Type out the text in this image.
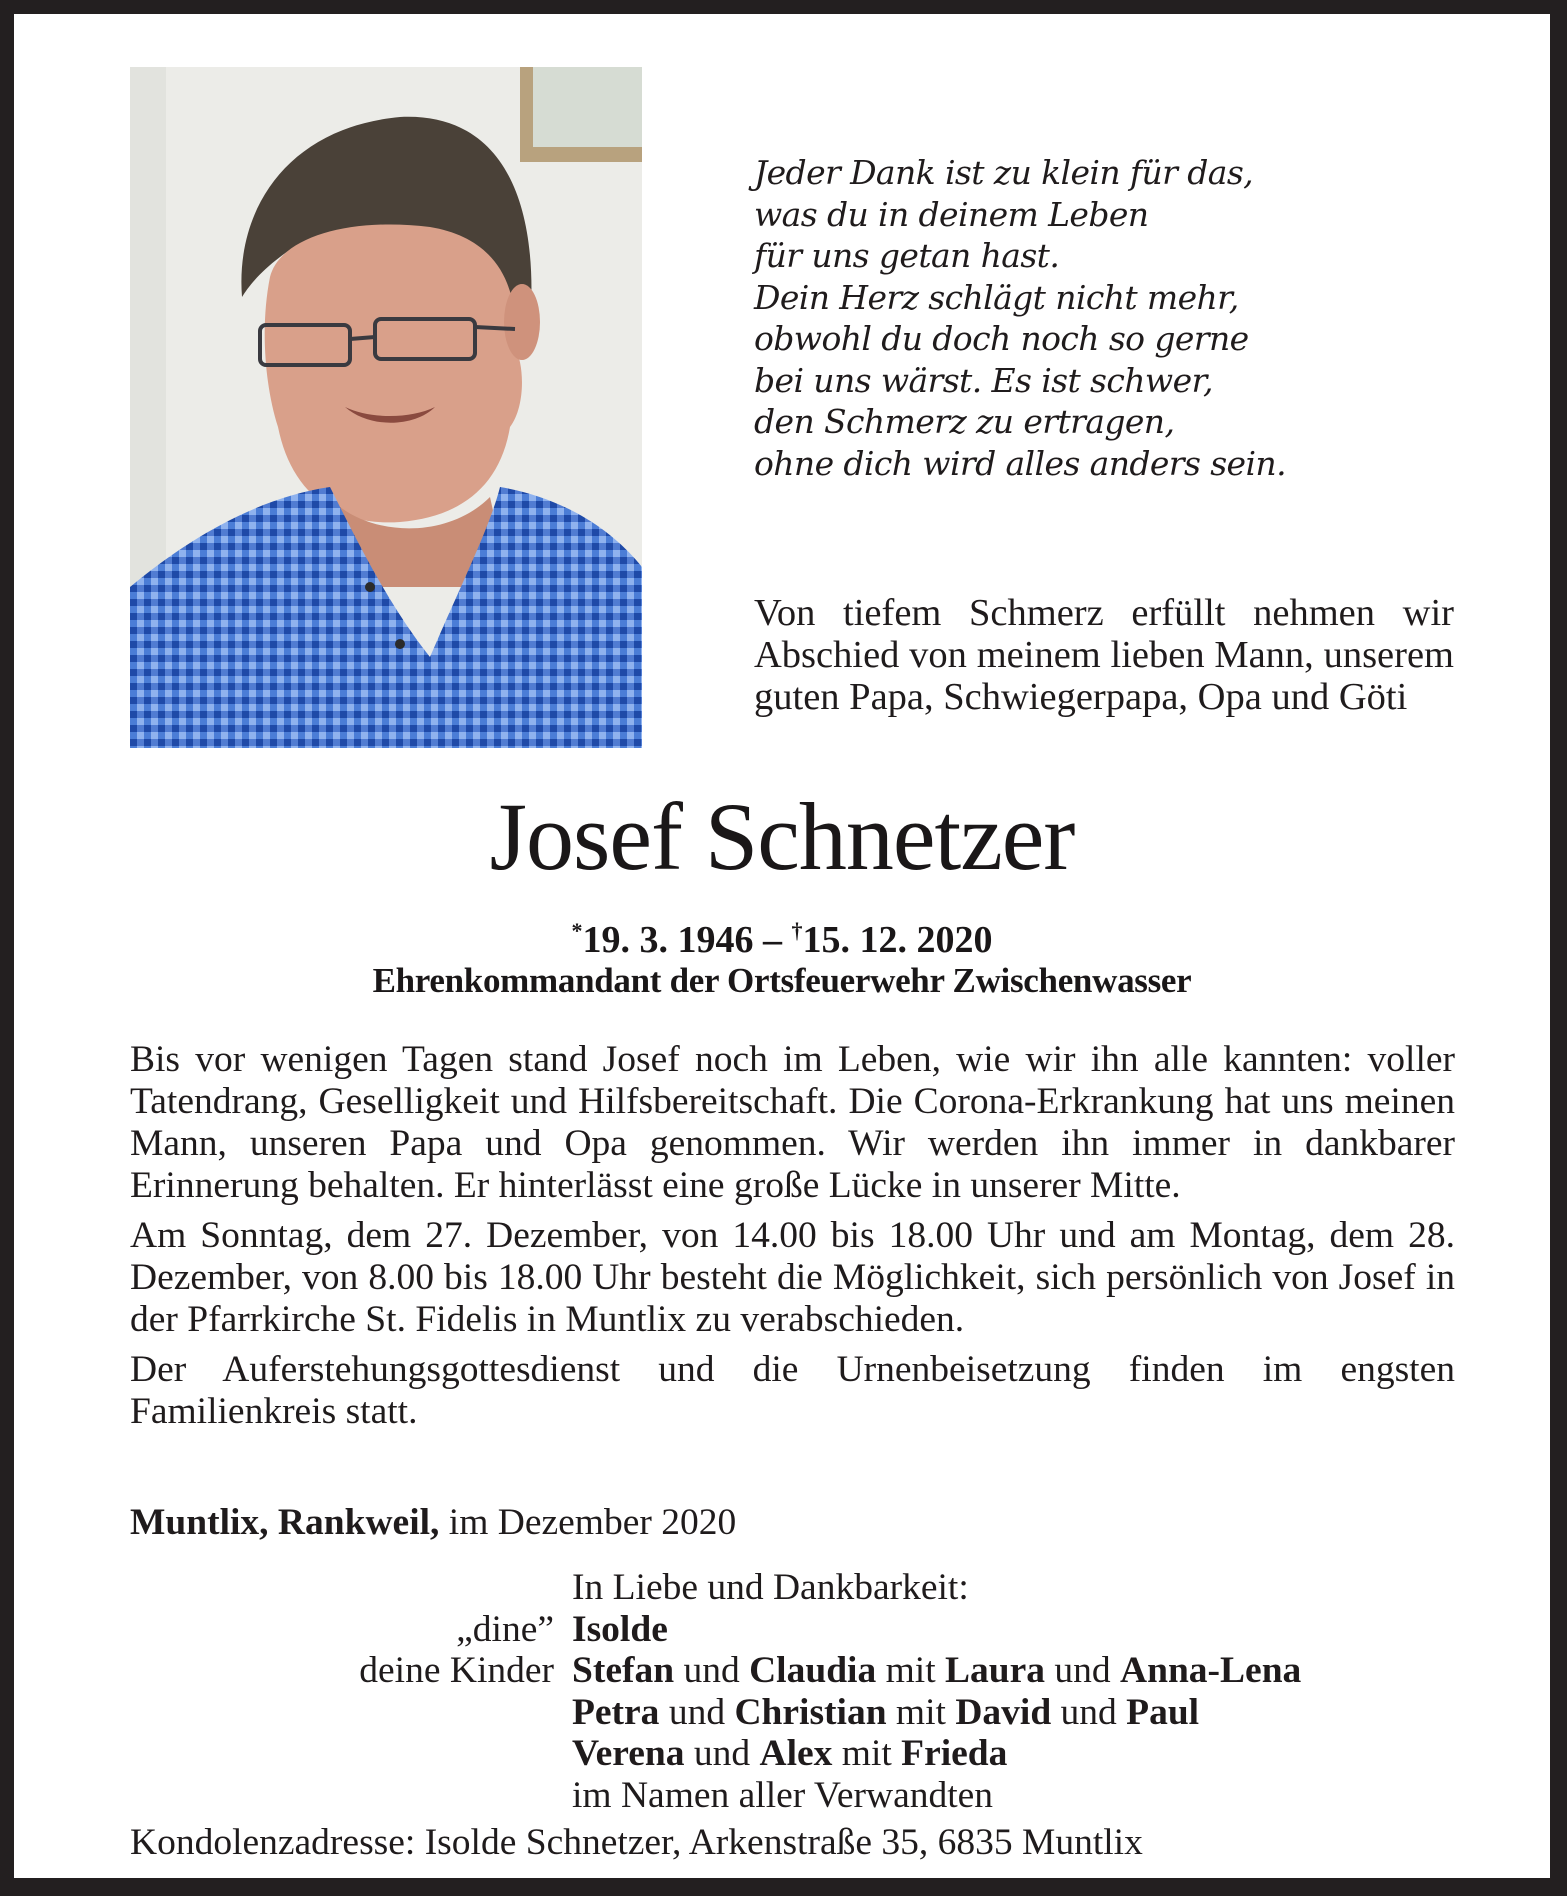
Jeder Dank ist zu klein für das,
was du in deinem Leben
für uns getan hast.
Dein Herz schlägt nicht mehr,
obwohl du doch noch so gerne
bei uns wärst. Es ist schwer,
den Schmerz zu ertragen,
ohne dich wird alles anders sein.
Von tiefem Schmerz erfüllt nehmen wir Abschied von meinem lieben Mann, unserem guten Papa, Schwiegerpapa, Opa und Göti
Josef Schnetzer
*19. 3. 1946 – †15. 12. 2020
Ehrenkommandant der Ortsfeuerwehr Zwischenwasser

Bis vor wenigen Tagen stand Josef noch im Leben, wie wir ihn alle kannten: voller Tatendrang, Geselligkeit und Hilfsbereitschaft. Die Corona-Erkrankung hat uns meinen Mann, unseren Papa und Opa genommen. Wir werden ihn immer in dankbarer Erinnerung behalten. Er hinterlässt eine große Lücke in unserer Mitte.

Am Sonntag, dem 27. Dezember, von 14.00 bis 18.00 Uhr und am Montag, dem 28. Dezember, von 8.00 bis 18.00 Uhr besteht die Möglichkeit, sich persönlich von Josef in der Pfarrkirche St. Fidelis in Muntlix zu verabschieden.

Der Auferstehungsgottesdienst und die Urnenbeisetzung finden im engsten Familienkreis statt.

Muntlix, Rankweil, im Dezember 2020
In Liebe und Dankbarkeit:
„dine” Isolde
deine Kinder Stefan und Claudia mit Laura und Anna-Lena
Petra und Christian mit David und Paul
Verena und Alex mit Frieda
im Namen aller Verwandten
Kondolenzadresse: Isolde Schnetzer, Arkenstraße 35, 6835 Muntlix
